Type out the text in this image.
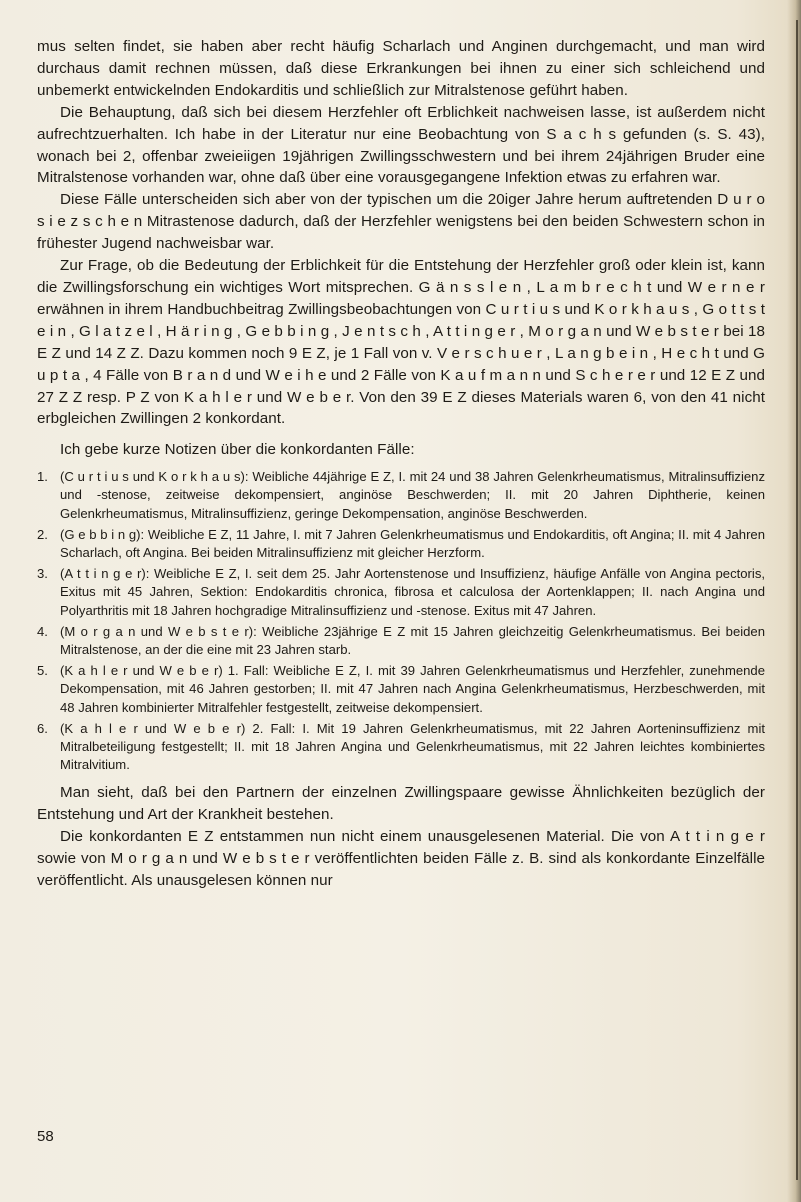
mus selten findet, sie haben aber recht häufig Scharlach und Anginen durchgemacht, und man wird durchaus damit rechnen müssen, daß diese Erkrankungen bei ihnen zu einer sich schleichend und unbemerkt entwickelnden Endokarditis und schließlich zur Mitralstenose geführt haben.

Die Behauptung, daß sich bei diesem Herzfehler oft Erblichkeit nachweisen lasse, ist außerdem nicht aufrechtzuerhalten. Ich habe in der Literatur nur eine Beobachtung von S a c h s gefunden (s. S. 43), wonach bei 2, offenbar zweieiigen 19jährigen Zwillingsschwestern und bei ihrem 24jährigen Bruder eine Mitralstenose vorhanden war, ohne daß über eine vorausgegangene Infektion etwas zu erfahren war.

Diese Fälle unterscheiden sich aber von der typischen um die 20iger Jahre herum auftretenden D u r o s i e z s c h e n Mitrastenose dadurch, daß der Herzfehler wenigstens bei den beiden Schwestern schon in frühester Jugend nachweisbar war.

Zur Frage, ob die Bedeutung der Erblichkeit für die Entstehung der Herzfehler groß oder klein ist, kann die Zwillingsforschung ein wichtiges Wort mitsprechen. G ä n s s l e n , L a m b r e c h t und W e r n e r erwähnen in ihrem Handbuchbeitrag Zwillingsbeobachtungen von C u r t i u s und K o r k h a u s , G o t t s t e i n , G l a t z e l , H ä r i n g , G e b b i n g , J e n t s c h , A t t i n g e r , M o r g a n und W e b s t e r bei 18 E Z und 14 Z Z. Dazu kommen noch 9 E Z, je 1 Fall von v. V e r s c h u e r , L a n g b e i n , H e c h t und G u p t a , 4 Fälle von B r a n d und W e i h e und 2 Fälle von K a u f m a n n und S c h e r e r und 12 E Z und 27 Z Z resp. P Z von K a h l e r und W e b e r. Von den 39 E Z dieses Materials waren 6, von den 41 nicht erbgleichen Zwillingen 2 konkordant.

Ich gebe kurze Notizen über die konkordanten Fälle:

1. (C u r t i u s und K o r k h a u s): Weibliche 44jährige E Z, I. mit 24 und 38 Jahren Gelenkrheumatismus, Mitralinsuffizienz und -stenose, zeitweise dekompensiert, anginöse Beschwerden; II. mit 20 Jahren Diphtherie, keinen Gelenkrheumatismus, Mitralinsuffizienz, geringe Dekompensation, anginöse Beschwerden.
2. (G e b b i n g): Weibliche E Z, 11 Jahre, I. mit 7 Jahren Gelenkrheumatismus und Endokarditis, oft Angina; II. mit 4 Jahren Scharlach, oft Angina. Bei beiden Mitralinsuffizienz mit gleicher Herzform.
3. (A t t i n g e r): Weibliche E Z, I. seit dem 25. Jahr Aortenstenose und Insuffizienz, häufige Anfälle von Angina pectoris, Exitus mit 45 Jahren, Sektion: Endokarditis chronica, fibrosa et calculosa der Aortenklappen; II. nach Angina und Polyarthritis mit 18 Jahren hochgradige Mitralinsuffizienz und -stenose. Exitus mit 47 Jahren.
4. (M o r g a n und W e b s t e r): Weibliche 23jährige E Z mit 15 Jahren gleichzeitig Gelenkrheumatismus. Bei beiden Mitralstenose, an der die eine mit 23 Jahren starb.
5. (K a h l e r und W e b e r) 1. Fall: Weibliche E Z, I. mit 39 Jahren Gelenkrheumatismus und Herzfehler, zunehmende Dekompensation, mit 46 Jahren gestorben; II. mit 47 Jahren nach Angina Gelenkrheumatismus, Herzbeschwerden, mit 48 Jahren kombinierter Mitralfehler festgestellt, zeitweise dekompensiert.
6. (K a h l e r und W e b e r) 2. Fall: I. Mit 19 Jahren Gelenkrheumatismus, mit 22 Jahren Aorteninsuffizienz mit Mitralbeteiligung festgestellt; II. mit 18 Jahren Angina und Gelenkrheumatismus, mit 22 Jahren leichtes kombiniertes Mitralvitium.

Man sieht, daß bei den Partnern der einzelnen Zwillingspaare gewisse Ähnlichkeiten bezüglich der Entstehung und Art der Krankheit bestehen.

Die konkordanten E Z entstammen nun nicht einem unausgelesenen Material. Die von A t t i n g e r sowie von M o r g a n und W e b s t e r veröffentlichten beiden Fälle z. B. sind als konkordante Einzelfälle veröffentlicht. Als unausgelesen können nur

58
